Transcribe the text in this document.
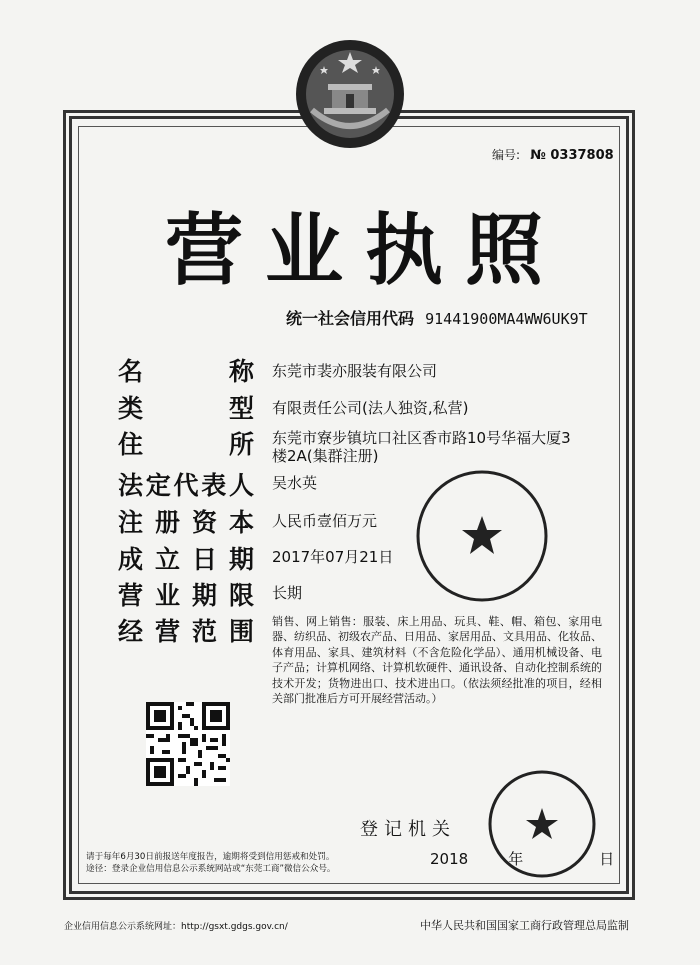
编号: № 0337808
营业执照
统一社会信用代码 91441900MA4WW6UK9T
名	称 东莞市裴亦服装有限公司
类	型 有限责任公司(法人独资,私营)
住	所 东莞市寮步镇坑口社区香市路10号华福大厦3
楼2A(集群注册)
法 定 代 表 人 吴水英
注 册 资 本 人民币壹佰万元
成 立 日 期 2017年07月21日
营 业 期 限 长期
经 营 范 围 销售、网上销售：服装、床上用品、玩具、鞋、帽、箱包、家用电器、纺织品、初级农产品、日用品、家居用品、文具用品、化妆品、体育用品、家具、建筑材料（不含危险化学品）、通用机械设备、电子产品；计算机网络、计算机软硬件、通讯设备、自动化控制系统的技术开发；货物进出口、技术进出口。（依法须经批准的项目，经相关部门批准后方可开展经营活动。）
登记机关
2018	年	日
请于每年6月30日前报送年度报告，逾期将受到信用惩戒和处罚。
途径：登录企业信用信息公示系统网站或“东莞工商”微信公众号。
企业信用信息公示系统网址：http://gsxt.gdgs.gov.cn/	中华人民共和国国家工商行政管理总局监制
